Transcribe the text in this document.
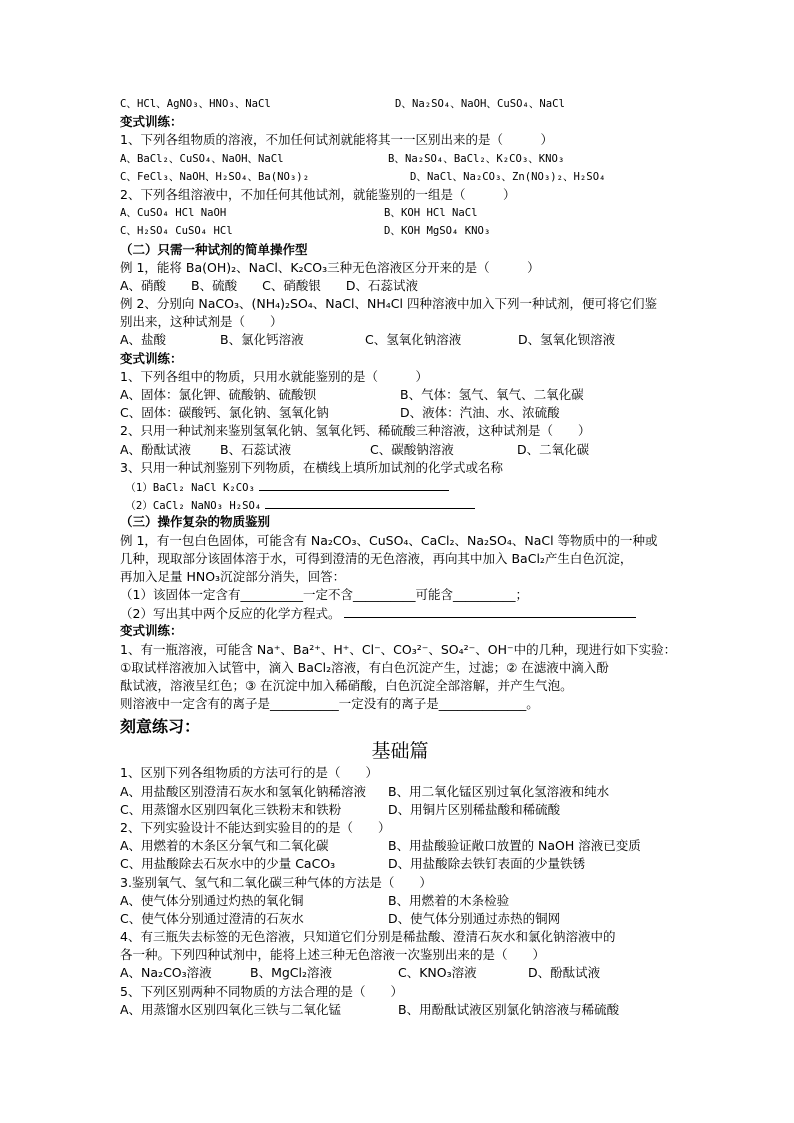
C、HCl、AgNO₃、HNO₃、NaCl	D、Na₂SO₄、NaOH、CuSO₄、NaCl
变式训练：
1、下列各组物质的溶液，不加任何试剂就能将其一一区别出来的是（　　　）
A、BaCl₂、CuSO₄、NaOH、NaCl	B、Na₂SO₄、BaCl₂、K₂CO₃、KNO₃
C、FeCl₃、NaOH、H₂SO₄、Ba(NO₃)₂	D、NaCl、Na₂CO₃、Zn(NO₃)₂、H₂SO₄
2、下列各组溶液中，不加任何其他试剂，就能鉴别的一组是（　　　）
A、CuSO₄ HCl NaOH	B、KOH HCl NaCl
C、H₂SO₄ CuSO₄ HCl	D、KOH MgSO₄ KNO₃
（二）只需一种试剂的简单操作型
例 1，能将 Ba(OH)₂、NaCl、K₂CO₃三种无色溶液区分开来的是（　　　）
A、硝酸　　B、硫酸　　C、硝酸银　　D、石蕊试液
例 2、分别向 NaCO₃、(NH₄)₂SO₄、NaCl、NH₄Cl 四种溶液中加入下列一种试剂，便可将它们鉴
别出来，这种试剂是（　　）
A、盐酸	B、氯化钙溶液	C、氢氧化钠溶液	D、氢氧化钡溶液
变式训练：
1、下列各组中的物质，只用水就能鉴别的是（　　　）
A、固体：氯化钾、硫酸钠、硫酸钡	B、气体：氢气、氧气、二氧化碳
C、固体：碳酸钙、氯化钠、氢氧化钠	D、液体：汽油、水、浓硫酸
2、只用一种试剂来鉴别氢氧化钠、氢氧化钙、稀硫酸三种溶液，这种试剂是（　　）
A、酚酞试液 B、石蕊试液	C、碳酸钠溶液	D、二氧化碳
3、只用一种试剂鉴别下列物质，在横线上填所加试剂的化学式或名称
　（1）BaCl₂ NaCl K₂CO₃
　（2）CaCl₂ NaNO₃ H₂SO₄
（三）操作复杂的物质鉴别
例 1，有一包白色固体，可能含有 Na₂CO₃、CuSO₄、CaCl₂、Na₂SO₄、NaCl 等物质中的一种或
几种，现取部分该固体溶于水，可得到澄清的无色溶液，再向其中加入 BaCl₂产生白色沉淀，
再加入足量 HNO₃沉淀部分消失，回答：
（1）该固体一定含有__________一定不含__________可能含__________；
（2）写出其中两个反应的化学方程式。
变式训练：
1、有一瓶溶液，可能含 Na⁺、Ba²⁺、H⁺、Cl⁻、CO₃²⁻、SO₄²⁻、OH⁻中的几种，现进行如下实验：
①取试样溶液加入试管中，滴入 BaCl₂溶液，有白色沉淀产生，过滤；② 在滤液中滴入酚
酞试液，溶液呈红色；③ 在沉淀中加入稀硝酸，白色沉淀全部溶解，并产生气泡。
则溶液中一定含有的离子是___________一定没有的离子是______________。
刻意练习：
基础篇
1、区别下列各组物质的方法可行的是（　　）
A、用盐酸区别澄清石灰水和氢氧化钠稀溶液 B、用二氧化锰区别过氧化氢溶液和纯水
C、用蒸馏水区别四氧化三铁粉末和铁粉	D、用铜片区别稀盐酸和稀硫酸
2、下列实验设计不能达到实验目的的是（　　）
A、用燃着的木条区分氧气和二氧化碳	B、用盐酸验证敞口放置的 NaOH 溶液已变质
C、用盐酸除去石灰水中的少量 CaCO₃	D、用盐酸除去铁钉表面的少量铁锈
3.鉴别氧气、氢气和二氧化碳三种气体的方法是（　　）
A、使气体分别通过灼热的氧化铜	B、用燃着的木条检验
C、使气体分别通过澄清的石灰水	D、使气体分别通过赤热的铜网
4、有三瓶失去标签的无色溶液，只知道它们分别是稀盐酸、澄清石灰水和氯化钠溶液中的
各一种。下列四种试剂中，能将上述三种无色溶液一次鉴别出来的是（　　）
A、Na₂CO₃溶液	B、MgCl₂溶液	C、KNO₃溶液	D、酚酞试液
5、下列区别两种不同物质的方法合理的是（　　）
A、用蒸馏水区别四氧化三铁与二氧化锰	B、用酚酞试液区别氯化钠溶液与稀硫酸
